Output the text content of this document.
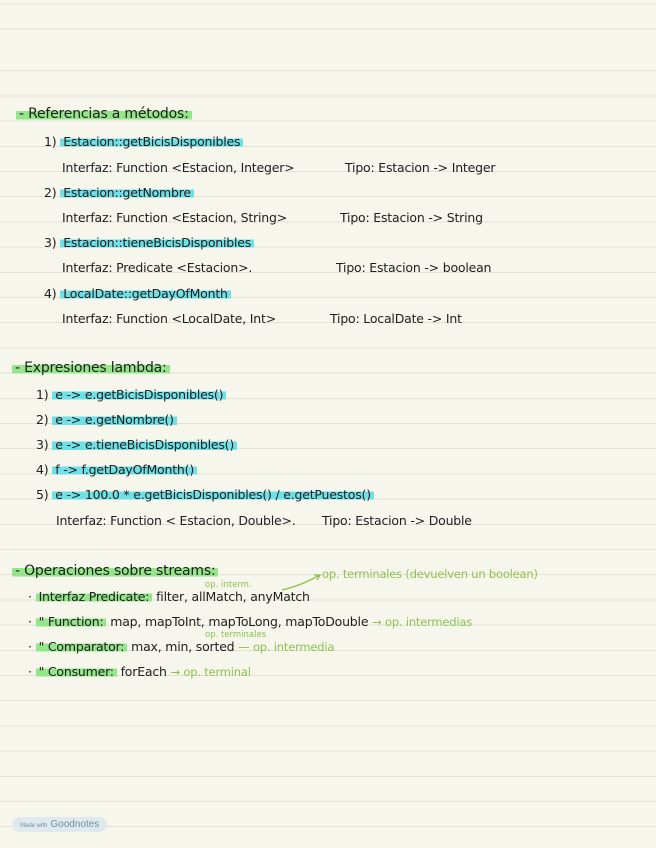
- Referencias a métodos:
1) Estacion::getBicisDisponibles
Interfaz: Function <Estacion, Integer>	Tipo: Estacion -> Integer
2) Estacion::getNombre
Interfaz: Function <Estacion, String>	Tipo: Estacion -> String
3) Estacion::tieneBicisDisponibles
Interfaz: Predicate <Estacion>.	Tipo: Estacion -> boolean
4) LocalDate::getDayOfMonth
Interfaz: Function <LocalDate, Int>	Tipo: LocalDate -> Int
- Expresiones lambda:
1) e -> e.getBicisDisponibles()
2) e -> e.getNombre()
3) e -> e.tieneBicisDisponibles()
4) f -> f.getDayOfMonth()
5) e -> 100.0 * e.getBicisDisponibles() / e.getPuestos()
Interfaz: Function < Estacion, Double>. Tipo: Estacion -> Double
- Operaciones sobre streams:	op. terminales (devuelven un boolean)
op. interm.
· Interfaz Predicate: filter, allMatch, anyMatch
· " Function: map, mapToInt, mapToLong, mapToDouble → op. intermedias
op. terminales
· " Comparator: max, min, sorted — op. intermedia
· " Consumer: forEach → op. terminal
Made with Goodnotes
